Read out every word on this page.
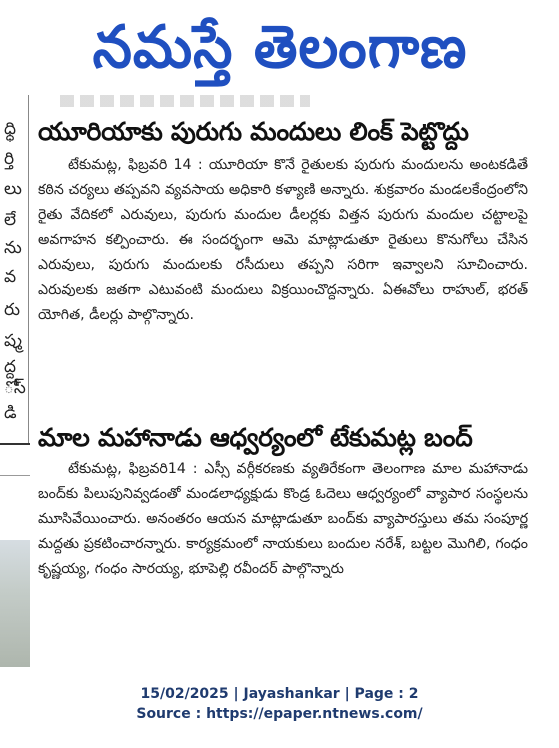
నమస్తే తెలంగాణ
ధ్ధి
ర్తి
లు
లే
ను
వ
రు
ష్మ
ద్ద
ోస్
డి
యూరియాకు పురుగు మందులు లింక్ పెట్టొద్దు

టేకుమట్ల, ఫిబ్రవరి 14 : యూరియా కొనే రైతులకు పురుగు మందులను అంటకడితే కఠిన చర్యలు తప్పవని వ్యవసాయ అధికారి కళ్యాణి అన్నారు. శుక్రవారం మండలకేంద్రంలోని రైతు వేదికలో ఎరువులు, పురుగు మందుల డీలర్లకు విత్తన పురుగు మందుల చట్టాలపై అవగాహన కల్పించారు. ఈ సందర్భంగా ఆమె మాట్లాడుతూ రైతులు కొనుగోలు చేసిన ఎరువులు, పురుగు మందులకు రసీదులు తప్పని సరిగా ఇవ్వాలని సూచించారు. ఎరువులకు జతగా ఎటువంటి మందులు విక్రయించొద్దన్నారు. ఏఈవోలు రాహుల్, భరత్ యోగిత, డీలర్లు పాల్గొన్నారు.

మాల మహానాడు ఆధ్వర్యంలో టేకుమట్ల బంద్

టేకుమట్ల, ఫిబ్రవరి14 : ఎస్సీ వర్గీకరణకు వ్యతిరేకంగా తెలంగాణ మాల మహానాడు బంద్‌కు పిలుపునివ్వడంతో మండలాధ్యక్షుడు కొండ్ర ఓదెలు ఆధ్వర్యంలో వ్యాపార సంస్థలను మూసివేయించారు. అనంతరం ఆయన మాట్లాడుతూ బంద్‌కు వ్యాపారస్తులు తమ సంపూర్ణ మద్దతు ప్రకటించారన్నారు. కార్యక్రమంలో నాయకులు బందుల నరేశ్, బట్టల మొగిలి, గంధం కృష్ణయ్య, గంధం సారయ్య, భూపెల్లి రవీందర్ పాల్గొన్నారు

15/02/2025 | Jayashankar | Page : 2
Source : https://epaper.ntnews.com/
